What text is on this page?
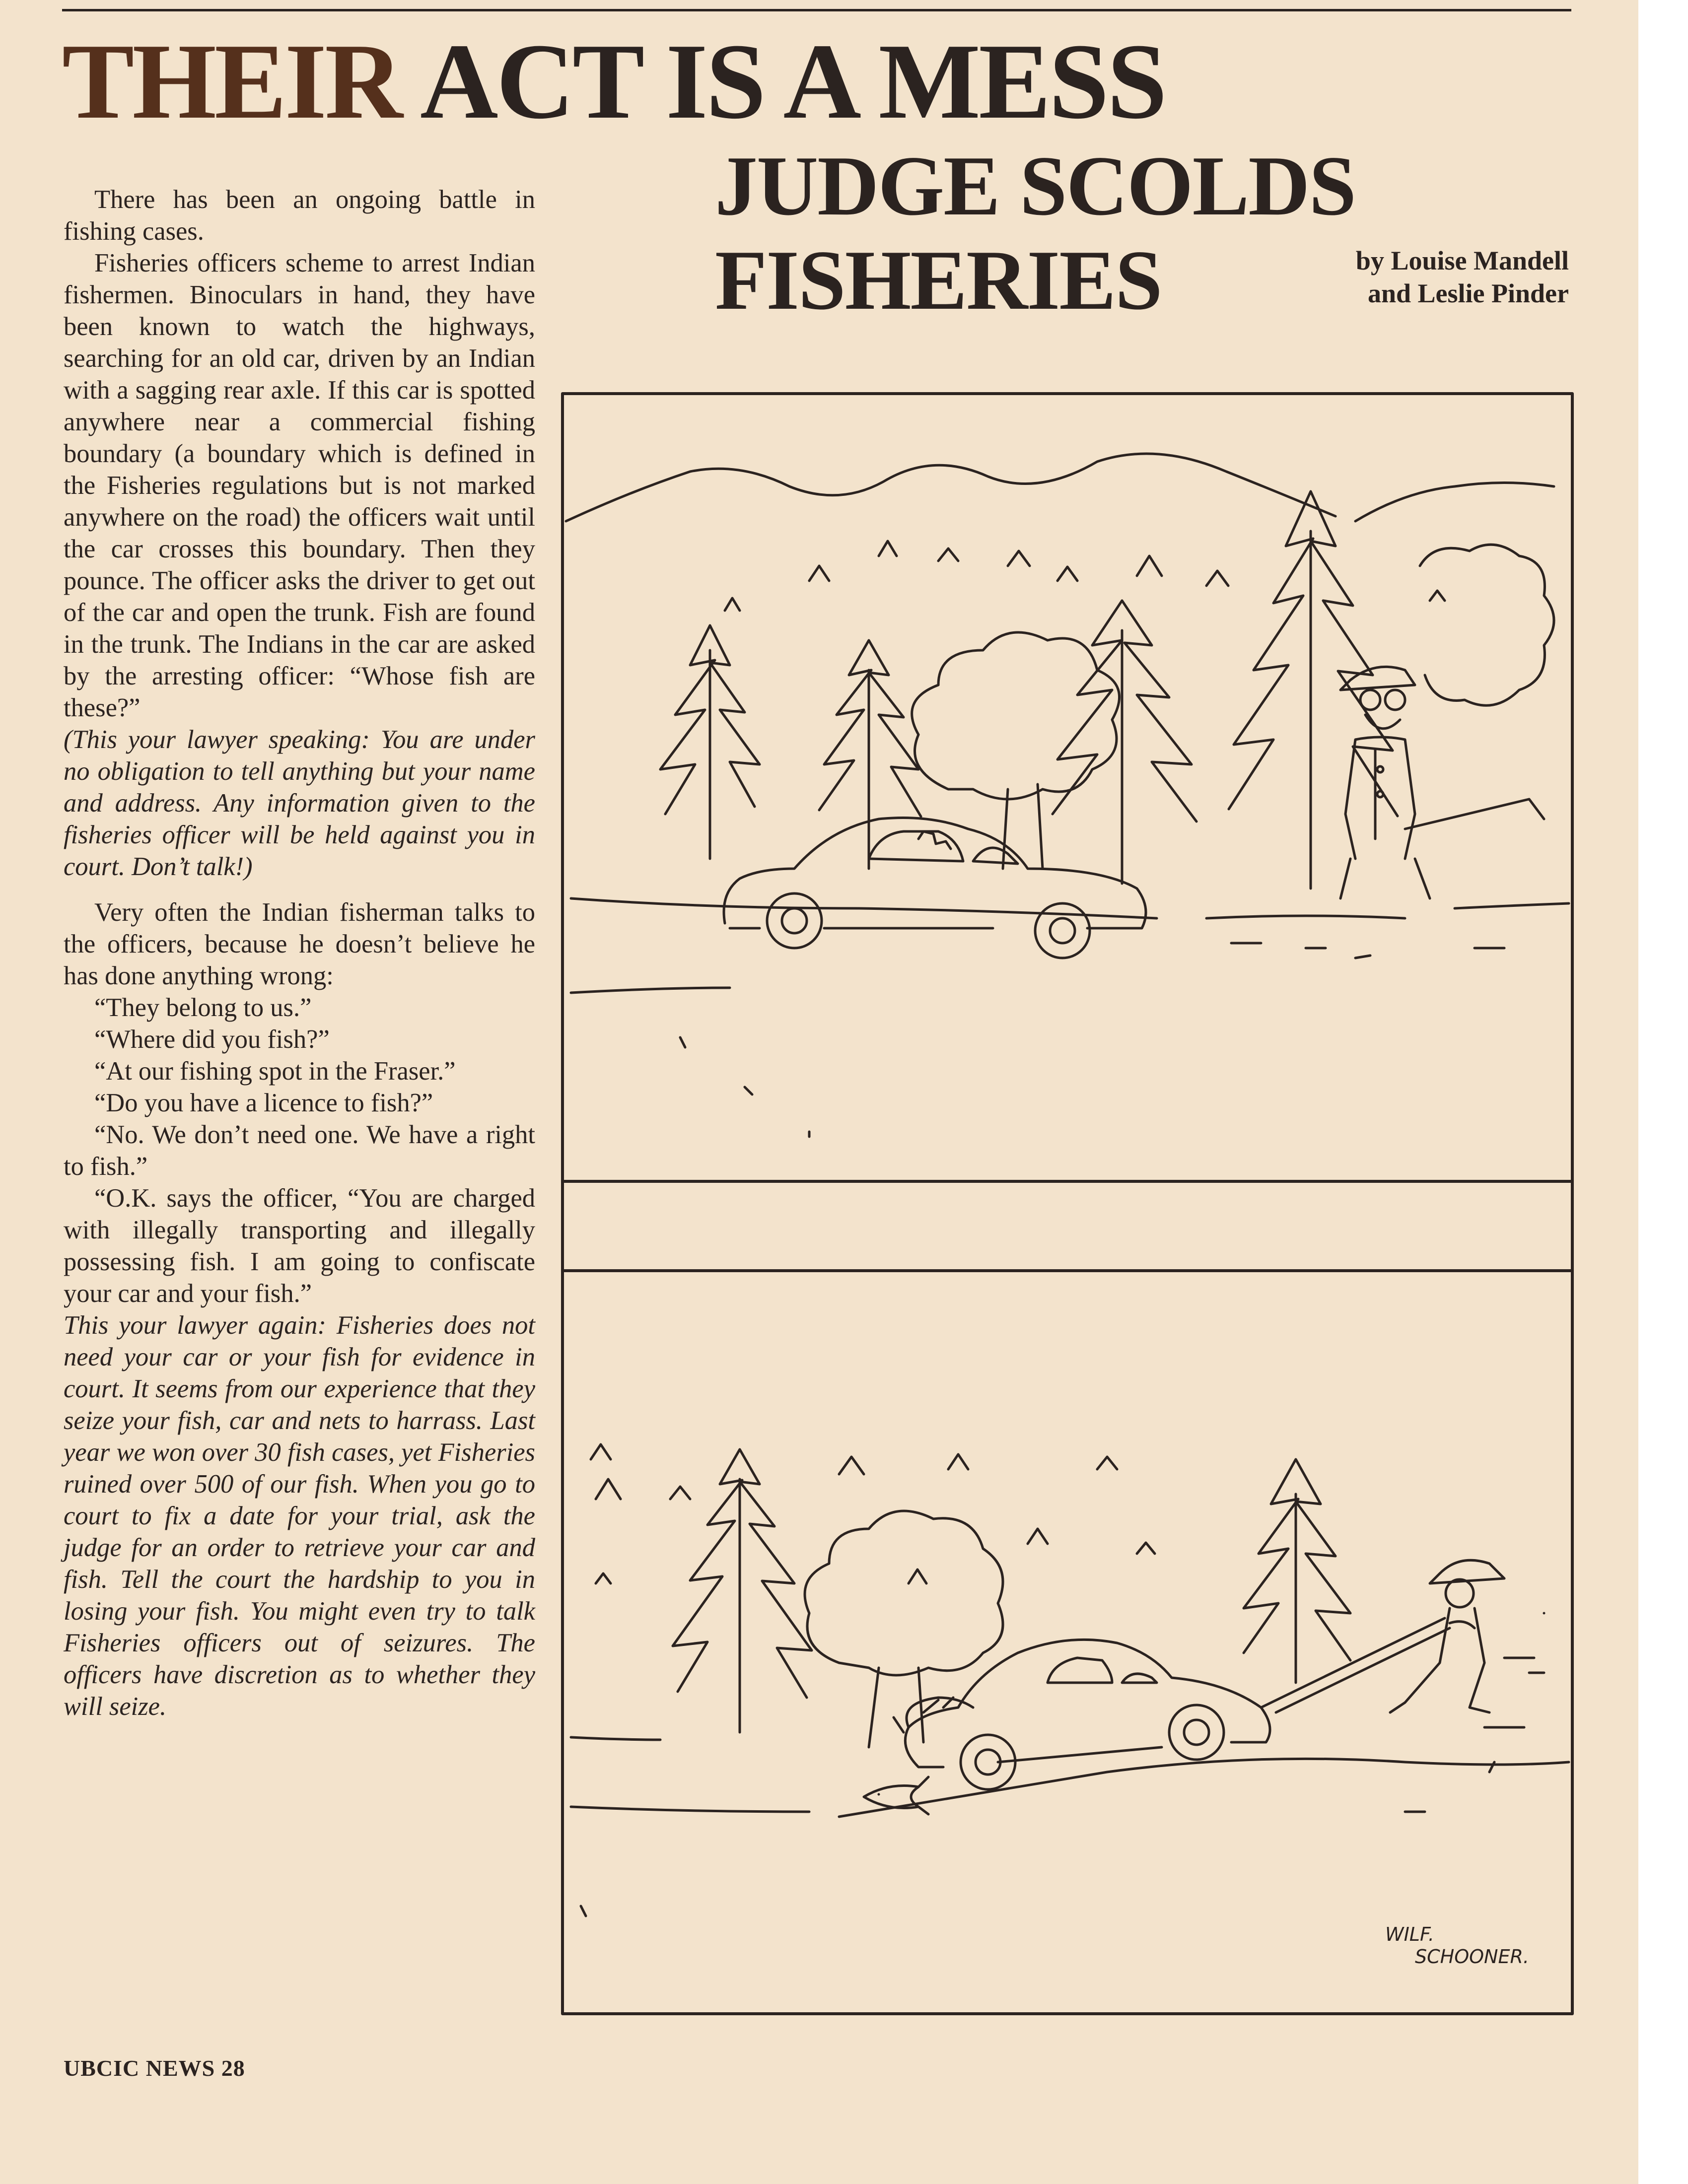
THEIR ACT IS A MESS
JUDGE SCOLDS
FISHERIES	by Louise Mandell
and Leslie Pinder

There has been an ongoing battle in fishing cases.

Fisheries officers scheme to arrest Indian fishermen. Binoculars in hand, they have been known to watch the highways, searching for an old car, driven by an Indian with a sagging rear axle. If this car is spotted anywhere near a commercial fishing boundary (a boundary which is defined in the Fisheries regulations but is not marked anywhere on the road) the officers wait until the car crosses this boundary. Then they pounce. The officer asks the driver to get out of the car and open the trunk. Fish are found in the trunk. The Indians in the car are asked by the arresting officer: “Whose fish are these?”

(This your lawyer speaking: You are under no obligation to tell anything but your name and address. Any information given to the fisheries officer will be held against you in court. Don’t talk!)

Very often the Indian fisherman talks to the officers, because he doesn’t believe he has done anything wrong:

“They belong to us.”

“Where did you fish?”

“At our fishing spot in the Fraser.”

“Do you have a licence to fish?”

“No. We don’t need one. We have a right to fish.”

“O.K. says the officer, “You are charged with illegally transporting and illegally possessing fish. I am going to confiscate your car and your fish.”

This your lawyer again: Fisheries does not need your car or your fish for evidence in court. It seems from our experience that they seize your fish, car and nets to harrass. Last year we won over 30 fish cases, yet Fisheries ruined over 500 of our fish. When you go to court to fix a date for your trial, ask the judge for an order to retrieve your car and fish. Tell the court the hardship to you in losing your fish. You might even try to talk Fisheries officers out of seizures. The officers have discretion as to whether they will seize.

UBCIC NEWS 28
WILF.
SCHOONER.
